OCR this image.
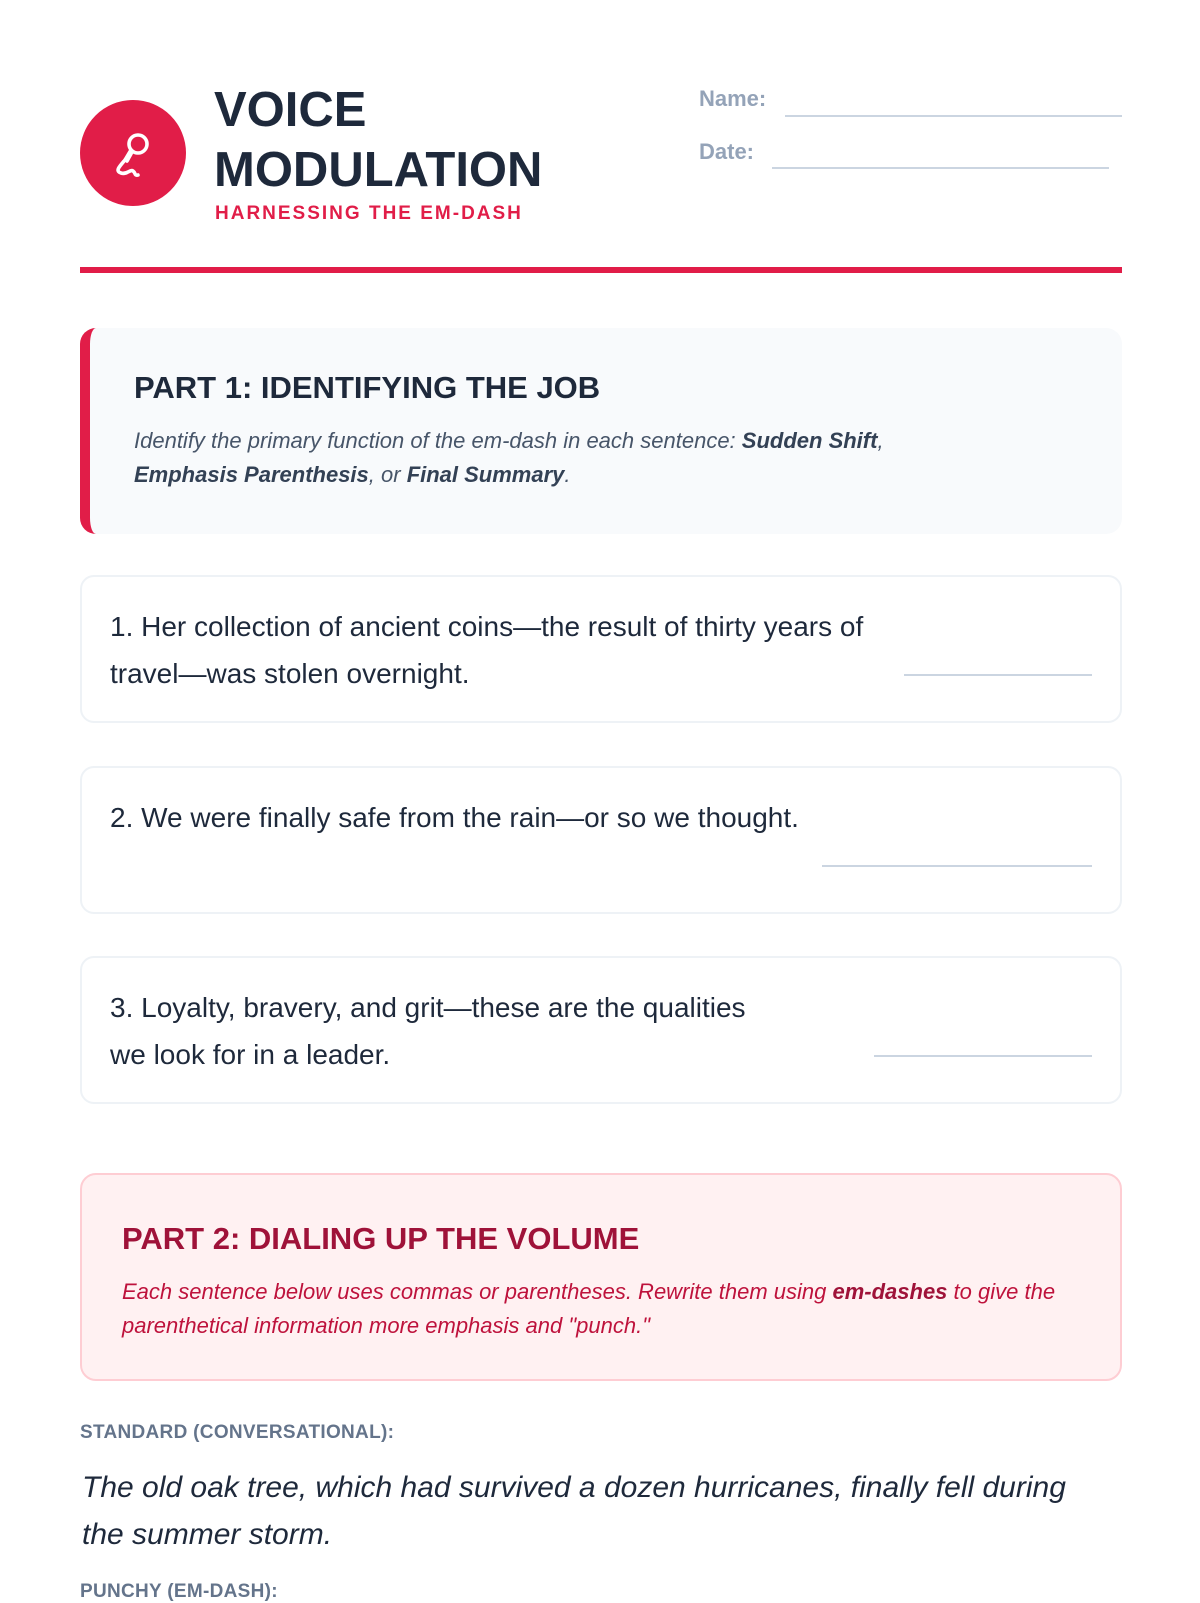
VOICE
MODULATION
HARNESSING THE EM-DASH
Name:
Date:
PART 1: IDENTIFYING THE JOB

Identify the primary function of the em-dash in each sentence: Sudden Shift,
Emphasis Parenthesis, or Final Summary.

1. Her collection of ancient coins—the result of thirty years of travel—was stolen overnight.

2. We were finally safe from the rain—or so we thought.

3. Loyalty, bravery, and grit—these are the qualities we look for in a leader.

PART 2: DIALING UP THE VOLUME

Each sentence below uses commas or parentheses. Rewrite them using em-dashes to give the parenthetical information more emphasis and "punch."

STANDARD (CONVERSATIONAL):

The old oak tree, which had survived a dozen hurricanes, finally fell during the summer storm.

PUNCHY (EM-DASH):
